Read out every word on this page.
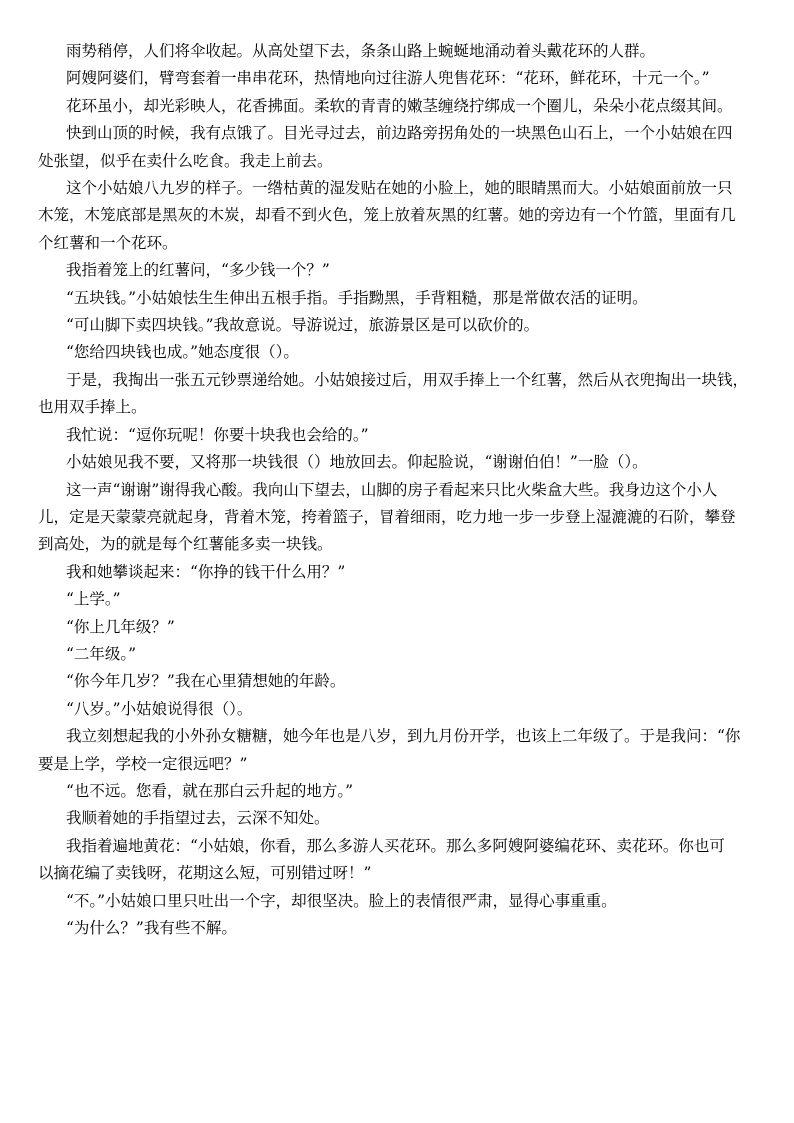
雨势稍停，人们将伞收起。从高处望下去，条条山路上蜿蜒地涌动着头戴花环的人群。
阿嫂阿婆们，臂弯套着一串串花环，热情地向过往游人兜售花环：“花环，鲜花环，十元一个。”
花环虽小，却光彩映人，花香拂面。柔软的青青的嫩茎缠绕拧绑成一个圈儿，朵朵小花点缀其间。
快到山顶的时候，我有点饿了。目光寻过去，前边路旁拐角处的一块黑色山石上，一个小姑娘在四
处张望，似乎在卖什么吃食。我走上前去。
这个小姑娘八九岁的样子。一绺枯黄的湿发贴在她的小脸上，她的眼睛黑而大。小姑娘面前放一只
木笼，木笼底部是黑灰的木炭，却看不到火色，笼上放着灰黑的红薯。她的旁边有一个竹篮，里面有几
个红薯和一个花环。
我指着笼上的红薯问，“多少钱一个？”
“五块钱。”小姑娘怯生生伸出五根手指。手指黝黑，手背粗糙，那是常做农活的证明。
“可山脚下卖四块钱。”我故意说。导游说过，旅游景区是可以砍价的。
“您给四块钱也成。”她态度很（）。
于是，我掏出一张五元钞票递给她。小姑娘接过后，用双手捧上一个红薯，然后从衣兜掏出一块钱，
也用双手捧上。
我忙说：“逗你玩呢！你要十块我也会给的。”
小姑娘见我不要，又将那一块钱很（）地放回去。仰起脸说，“谢谢伯伯！”一脸（）。
这一声“谢谢”谢得我心酸。我向山下望去，山脚的房子看起来只比火柴盒大些。我身边这个小人
儿，定是天蒙蒙亮就起身，背着木笼，挎着篮子，冒着细雨，吃力地一步一步登上湿漉漉的石阶，攀登
到高处，为的就是每个红薯能多卖一块钱。
我和她攀谈起来：“你挣的钱干什么用？”
“上学。”
“你上几年级？”
“二年级。”
“你今年几岁？”我在心里猜想她的年龄。
“八岁。”小姑娘说得很（）。
我立刻想起我的小外孙女糖糖，她今年也是八岁，到九月份开学，也该上二年级了。于是我问：“你
要是上学，学校一定很远吧？”
“也不远。您看，就在那白云升起的地方。”
我顺着她的手指望过去，云深不知处。
我指着遍地黄花：“小姑娘，你看，那么多游人买花环。那么多阿嫂阿婆编花环、卖花环。你也可
以摘花编了卖钱呀，花期这么短，可别错过呀！”
“不。”小姑娘口里只吐出一个字，却很坚决。脸上的表情很严肃，显得心事重重。
“为什么？”我有些不解。
